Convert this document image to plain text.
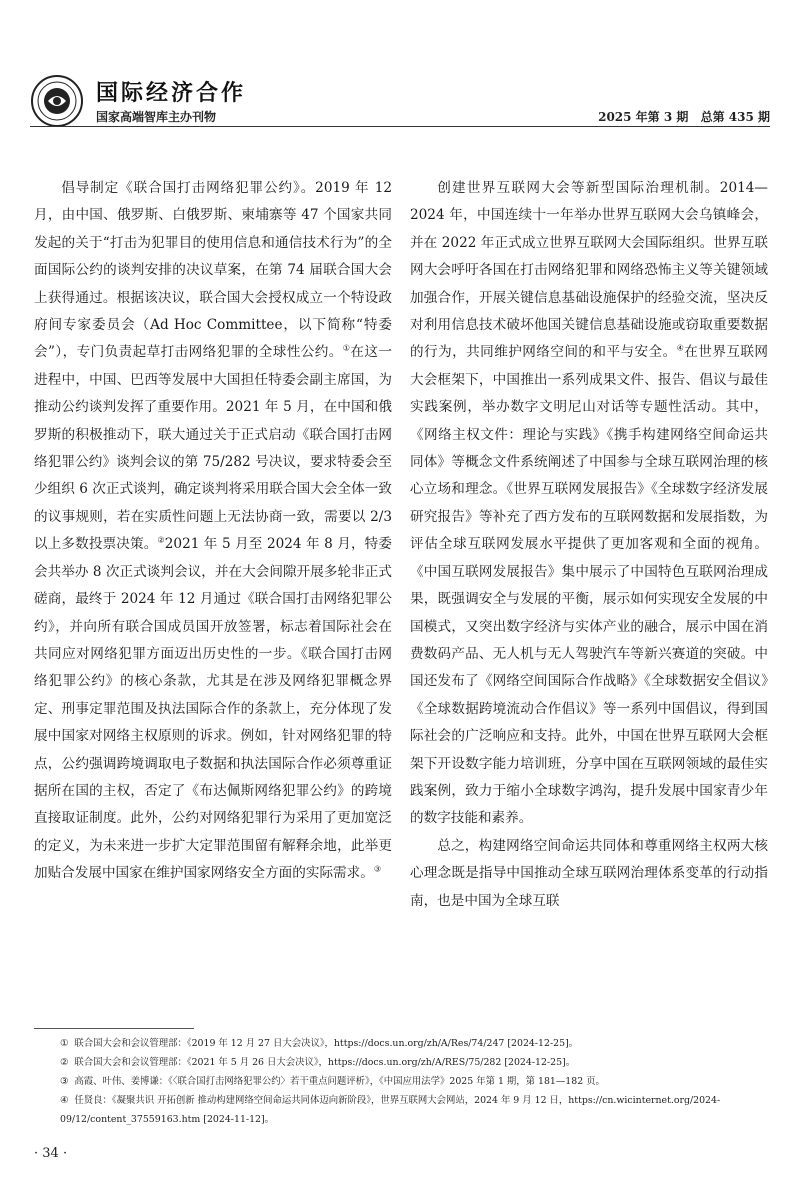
国际经济合作
国家高端智库主办刊物	2025 年第 3 期 总第 435 期

倡导制定《联合国打击网络犯罪公约》。2019 年 12 月，由中国、俄罗斯、白俄罗斯、柬埔寨等 47 个国家共同发起的关于“打击为犯罪目的使用信息和通信技术行为”的全面国际公约的谈判安排的决议草案，在第 74 届联合国大会上获得通过。根据该决议，联合国大会授权成立一个特设政府间专家委员会（Ad Hoc Committee，以下简称“特委会”），专门负责起草打击网络犯罪的全球性公约。①在这一进程中，中国、巴西等发展中大国担任特委会副主席国，为推动公约谈判发挥了重要作用。2021 年 5 月，在中国和俄罗斯的积极推动下，联大通过关于正式启动《联合国打击网络犯罪公约》谈判会议的第 75/282 号决议，要求特委会至少组织 6 次正式谈判，确定谈判将采用联合国大会全体一致的议事规则，若在实质性问题上无法协商一致，需要以 2/3 以上多数投票决策。②2021 年 5 月至 2024 年 8 月，特委会共举办 8 次正式谈判会议，并在大会间隙开展多轮非正式磋商，最终于 2024 年 12 月通过《联合国打击网络犯罪公约》，并向所有联合国成员国开放签署，标志着国际社会在共同应对网络犯罪方面迈出历史性的一步。《联合国打击网络犯罪公约》的核心条款，尤其是在涉及网络犯罪概念界定、刑事定罪范围及执法国际合作的条款上，充分体现了发展中国家对网络主权原则的诉求。例如，针对网络犯罪的特点，公约强调跨境调取电子数据和执法国际合作必须尊重证据所在国的主权，否定了《布达佩斯网络犯罪公约》的跨境直接取证制度。此外，公约对网络犯罪行为采用了更加宽泛的定义，为未来进一步扩大定罪范围留有解释余地，此举更加贴合发展中国家在维护国家网络安全方面的实际需求。③

创建世界互联网大会等新型国际治理机制。2014—2024 年，中国连续十一年举办世界互联网大会乌镇峰会，并在 2022 年正式成立世界互联网大会国际组织。世界互联网大会呼吁各国在打击网络犯罪和网络恐怖主义等关键领域加强合作，开展关键信息基础设施保护的经验交流，坚决反对利用信息技术破坏他国关键信息基础设施或窃取重要数据的行为，共同维护网络空间的和平与安全。④在世界互联网大会框架下，中国推出一系列成果文件、报告、倡议与最佳实践案例，举办数字文明尼山对话等专题性活动。其中，《网络主权文件：理论与实践》《携手构建网络空间命运共同体》等概念文件系统阐述了中国参与全球互联网治理的核心立场和理念。《世界互联网发展报告》《全球数字经济发展研究报告》等补充了西方发布的互联网数据和发展指数，为评估全球互联网发展水平提供了更加客观和全面的视角。《中国互联网发展报告》集中展示了中国特色互联网治理成果，既强调安全与发展的平衡，展示如何实现安全发展的中国模式，又突出数字经济与实体产业的融合，展示中国在消费数码产品、无人机与无人驾驶汽车等新兴赛道的突破。中国还发布了《网络空间国际合作战略》《全球数据安全倡议》《全球数据跨境流动合作倡议》等一系列中国倡议，得到国际社会的广泛响应和支持。此外，中国在世界互联网大会框架下开设数字能力培训班，分享中国在互联网领域的最佳实践案例，致力于缩小全球数字鸿沟，提升发展中国家青少年的数字技能和素养。

总之，构建网络空间命运共同体和尊重网络主权两大核心理念既是指导中国推动全球互联网治理体系变革的行动指南，也是中国为全球互联

① 联合国大会和会议管理部：《2019 年 12 月 27 日大会决议》，https://docs.un.org/zh/A/Res/74/247 [2024-12-25]。
② 联合国大会和会议管理部：《2021 年 5 月 26 日大会决议》，https://docs.un.org/zh/A/RES/75/282 [2024-12-25]。
③ 高霞、叶伟、姜博谦：《〈联合国打击网络犯罪公约〉若干重点问题评析》，《中国应用法学》2025 年第 1 期，第 181—182 页。
④ 任贤良：《凝聚共识 开拓创新 推动构建网络空间命运共同体迈向新阶段》，世界互联网大会网站，2024 年 9 月 12 日，https://cn.wicinternet.org/2024-09/12/content_37559163.htm [2024-11-12]。
· 34 ·
